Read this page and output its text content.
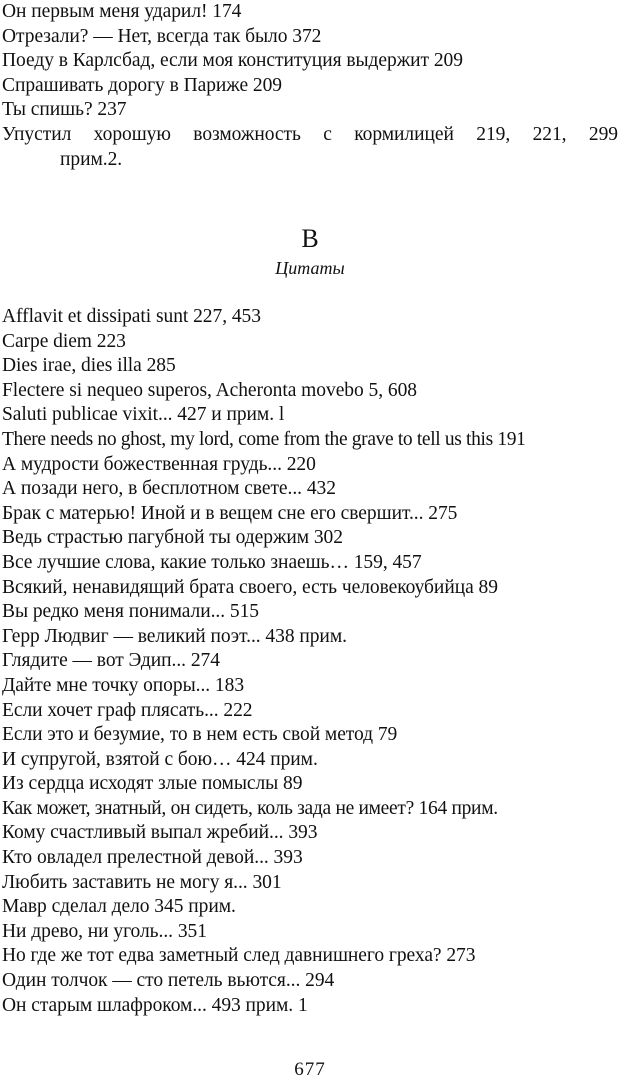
Он первым меня ударил! 174
Отрезали? — Нет, всегда так было 372
Поеду в Карлсбад, если моя конституция выдержит 209
Спрашивать дорогу в Париже 209
Ты спишь? 237
Упустил хорошую возможность с кормилицей 219, 221, 299
прим.2.
B
Цитаты
Afflavit et dissipati sunt 227, 453
Carpe diem 223
Dies irae, dies illa 285
Flectere si nequeo superos, Acheronta movebo 5, 608
Saluti publicae vixit... 427 и прим. l
There needs no ghost, my lord, come from the grave to tell us this 191
А мудрости божественная грудь... 220
А позади него, в бесплотном свете... 432
Брак с матерью! Иной и в вещем сне его свершит... 275
Ведь страстью пагубной ты одержим 302
Все лучшие слова, какие только знаешь… 159, 457
Всякий, ненавидящий брата своего, есть человекоубийца 89
Вы редко меня понимали... 515
Герр Людвиг — великий поэт... 438 прим.
Глядите — вот Эдип... 274
Дайте мне точку опоры... 183
Если хочет граф плясать... 222
Если это и безумие, то в нем есть свой метод 79
И супругой, взятой с бою… 424 прим.
Из сердца исходят злые помыслы 89
Как может, знатный, он сидеть, коль зада не имеет? 164 прим.
Кому счастливый выпал жребий... 393
Кто овладел прелестной девой... 393
Любить заставить не могу я... 301
Мавр сделал дело 345 прим.
Ни древо, ни уголь... 351
Но где же тот едва заметный след давнишнего греха? 273
Один толчок — сто петель вьются... 294
Он старым шлафроком... 493 прим. 1
677
